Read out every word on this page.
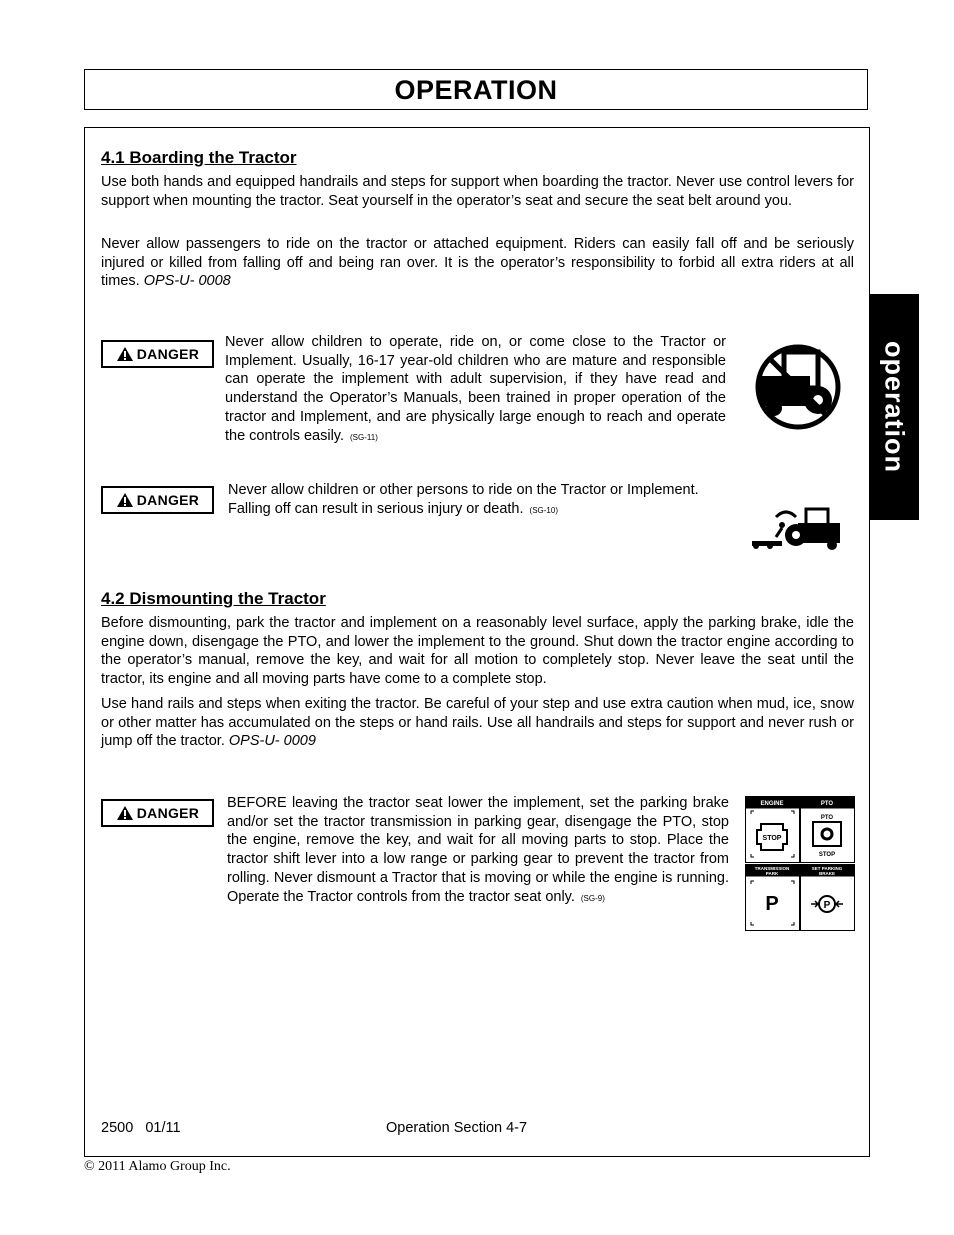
OPERATION
operation
4.1 Boarding the Tractor
Use both hands and equipped handrails and steps for support when boarding the tractor. Never use control levers for support when mounting the tractor. Seat yourself in the operator’s seat and secure the seat belt around you.
Never allow passengers to ride on the tractor or attached equipment. Riders can easily fall off and be seriously injured or killed from falling off and being ran over. It is the operator’s responsibility to forbid all extra riders at all times. OPS-U- 0008
DANGER
Never allow children to operate, ride on, or come close to the Tractor or Implement. Usually, 16-17 year-old children who are mature and responsible can operate the implement with adult supervision, if they have read and understand the Operator’s Manuals, been trained in proper operation of the tractor and Implement, and are physically large enough to reach and operate the controls easily. (SG-11)
DANGER
Never allow children or other persons to ride on the Tractor or Implement. Falling off can result in serious injury or death. (SG-10)
4.2 Dismounting the Tractor
Before dismounting, park the tractor and implement on a reasonably level surface, apply the parking brake, idle the engine down, disengage the PTO, and lower the implement to the ground. Shut down the tractor engine according to the operator’s manual, remove the key, and wait for all motion to completely stop. Never leave the seat until the tractor, its engine and all moving parts have come to a complete stop.
Use hand rails and steps when exiting the tractor. Be careful of your step and use extra caution when mud, ice, snow or other matter has accumulated on the steps or hand rails. Use all handrails and steps for support and never rush or jump off the tractor. OPS-U- 0009
DANGER
BEFORE leaving the tractor seat lower the implement, set the parking brake and/or set the tractor transmission in parking gear, disengage the PTO, stop the engine, remove the key, and wait for all moving parts to stop. Place the tractor shift lever into a low range or parking gear to prevent the tractor from rolling. Never dismount a Tractor that is moving or while the engine is running. Operate the Tractor controls from the tractor seat only. (SG-9)
ENGINE
STOP
PTO
PTO
STOP
TRANSMISSION
PARK
P
SET PARKING
BRAKE
P
2500   01/11	Operation Section 4-7
© 2011 Alamo Group Inc.
